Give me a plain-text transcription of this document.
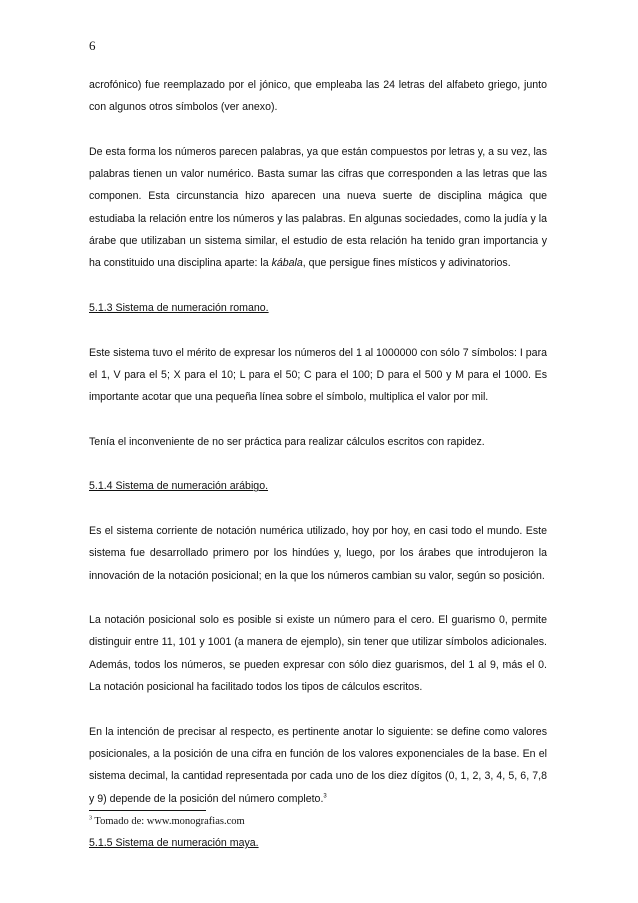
6

acrofónico) fue reemplazado por el jónico, que empleaba las 24 letras del alfabeto griego, junto con algunos otros símbolos (ver anexo).

De esta forma los números parecen palabras, ya que están compuestos por letras y, a su vez, las palabras tienen un valor numérico. Basta sumar las cifras que corresponden a las letras que las componen. Esta circunstancia hizo aparecen una nueva suerte de disciplina mágica que estudiaba la relación entre los números y las palabras. En algunas sociedades, como la judía y la árabe que utilizaban un sistema similar, el estudio de esta relación ha tenido gran importancia y ha constituido una disciplina aparte: la kábala, que persigue fines místicos y adivinatorios.

5.1.3 Sistema de numeración romano.

Este sistema tuvo el mérito de expresar los números del 1 al 1000000 con sólo 7 símbolos: I para el 1, V para el 5; X para el 10; L para el 50; C para el 100; D para el 500 y M para el 1000. Es importante acotar que una pequeña línea sobre el símbolo, multiplica el valor por mil.

Tenía el inconveniente de no ser práctica para realizar cálculos escritos con rapidez.

5.1.4 Sistema de numeración arábigo.

Es el sistema corriente de notación numérica utilizado, hoy por hoy, en casi todo el mundo. Este sistema fue desarrollado primero por los hindúes y, luego, por los árabes que introdujeron la innovación de la notación posicional; en la que los números cambian su valor, según so posición.

La notación posicional solo es posible si existe un número para el cero. El guarismo 0, permite distinguir entre 11, 101 y 1001 (a manera de ejemplo), sin tener que utilizar símbolos adicionales. Además, todos los números, se pueden expresar con sólo diez guarismos, del 1 al 9, más el 0. La notación posicional ha facilitado todos los tipos de cálculos escritos.

En la intención de precisar al respecto, es pertinente anotar lo siguiente: se define como valores posicionales, a la posición de una cifra en función de los valores exponenciales de la base. En el sistema decimal, la cantidad representada por cada uno de los diez dígitos (0, 1, 2, 3, 4, 5, 6, 7,8 y 9) depende de la posición del número completo.$^3$

5.1.5 Sistema de numeración maya.

$^3$ Tomado de: www.monografias.com
